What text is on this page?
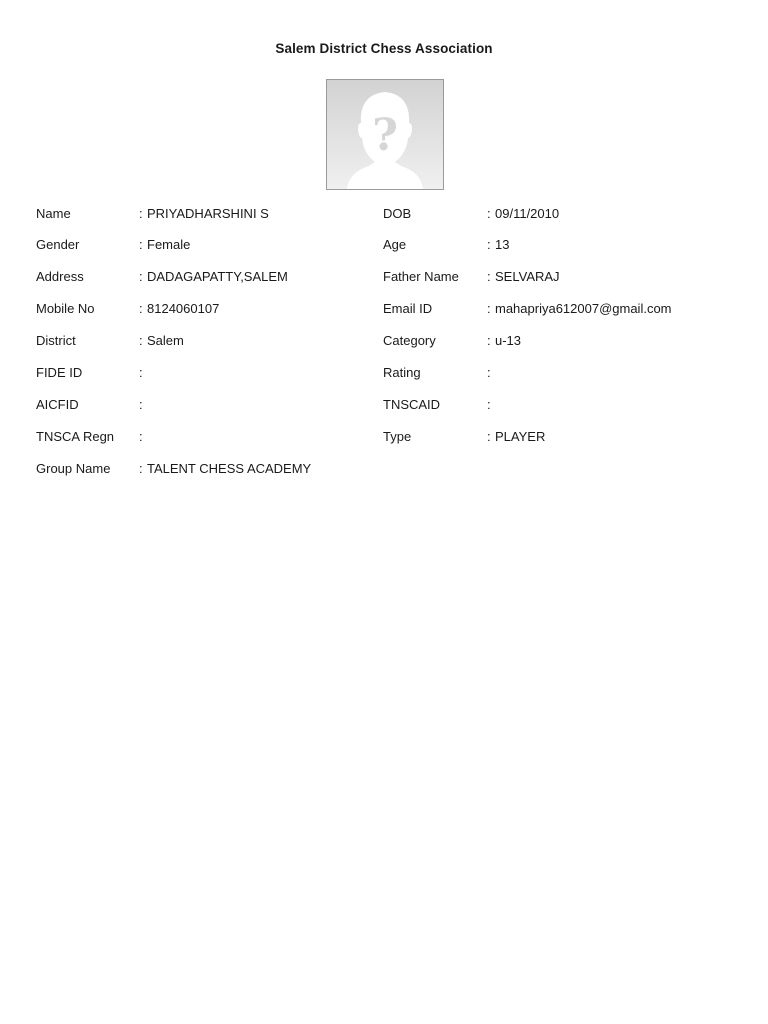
Salem District Chess Association
?
Name	: PRIYADHARSHINI S
Gender	: Female
Address	: DADAGAPATTY,SALEM
Mobile No	: 8124060107
District	: Salem
FIDE ID	:
AICFID	:
TNSCA Regn :
Group Name : TALENT CHESS ACADEMY
DOB	: 09/11/2010
Age	: 13
Father Name : SELVARAJ
Email ID	: mahapriya612007@gmail.com
Category	: u-13
Rating	:
TNSCAID	:
Type	: PLAYER
